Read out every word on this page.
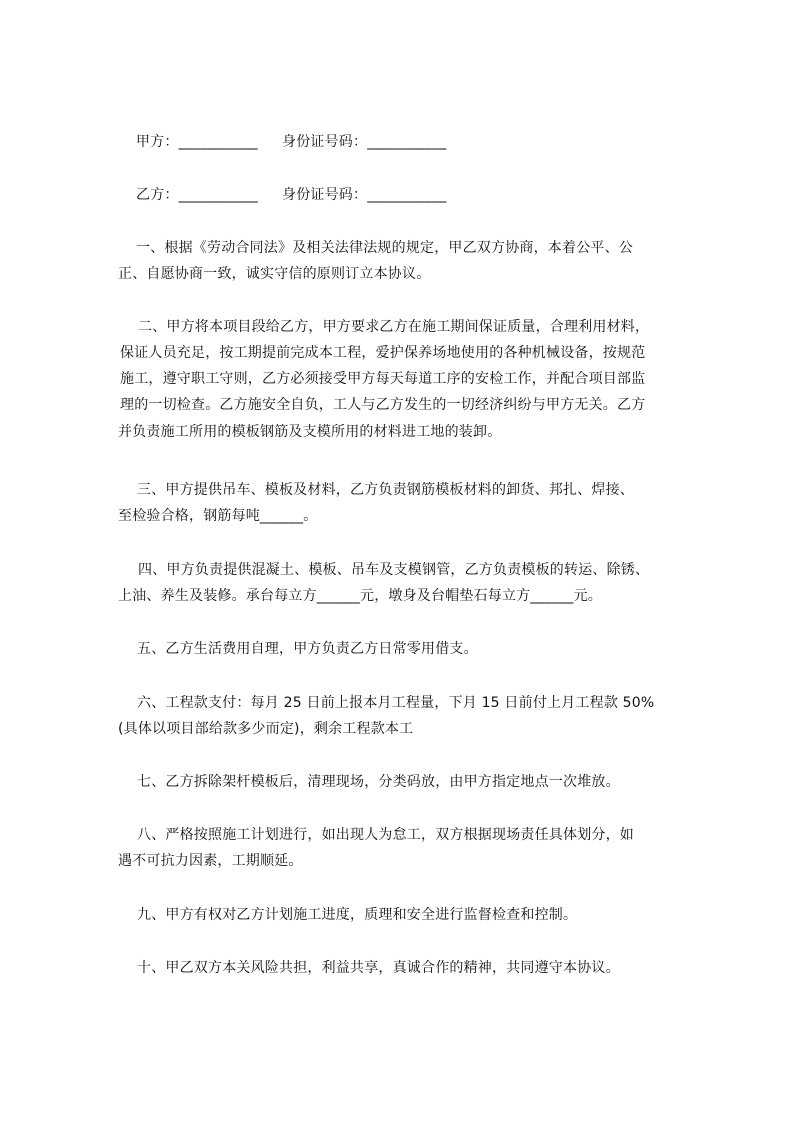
甲方：___________ 身份证号码：___________
乙方：___________ 身份证号码：___________
一、根据《劳动合同法》及相关法律法规的规定，甲乙双方协商，本着公平、公
正、自愿协商一致，诚实守信的原则订立本协议。
二、甲方将本项目段给乙方，甲方要求乙方在施工期间保证质量，合理利用材料，
保证人员充足，按工期提前完成本工程，爱护保养场地使用的各种机械设备，按规范
施工，遵守职工守则，乙方必须接受甲方每天每道工序的安检工作，并配合项目部监
理的一切检查。乙方施安全自负，工人与乙方发生的一切经济纠纷与甲方无关。乙方
并负责施工所用的模板钢筋及支模所用的材料进工地的装卸。
三、甲方提供吊车、模板及材料，乙方负责钢筋模板材料的卸货、邦扎、焊接、
至检验合格，钢筋每吨______。
四、甲方负责提供混凝土、模板、吊车及支模钢管，乙方负责模板的转运、除锈、
上油、养生及装修。承台每立方______元，墩身及台帽垫石每立方______元。
五、乙方生活费用自理，甲方负责乙方日常零用借支。
六、工程款支付：每月 25 日前上报本月工程量，下月 15 日前付上月工程款 50%
(具体以项目部给款多少而定)，剩余工程款本工
七、乙方拆除架杆模板后，清理现场，分类码放，由甲方指定地点一次堆放。
八、严格按照施工计划进行，如出现人为怠工，双方根据现场责任具体划分，如
遇不可抗力因素，工期顺延。
九、甲方有权对乙方计划施工进度，质理和安全进行监督检查和控制。
十、甲乙双方本关风险共担，利益共享，真诚合作的精神，共同遵守本协议。
